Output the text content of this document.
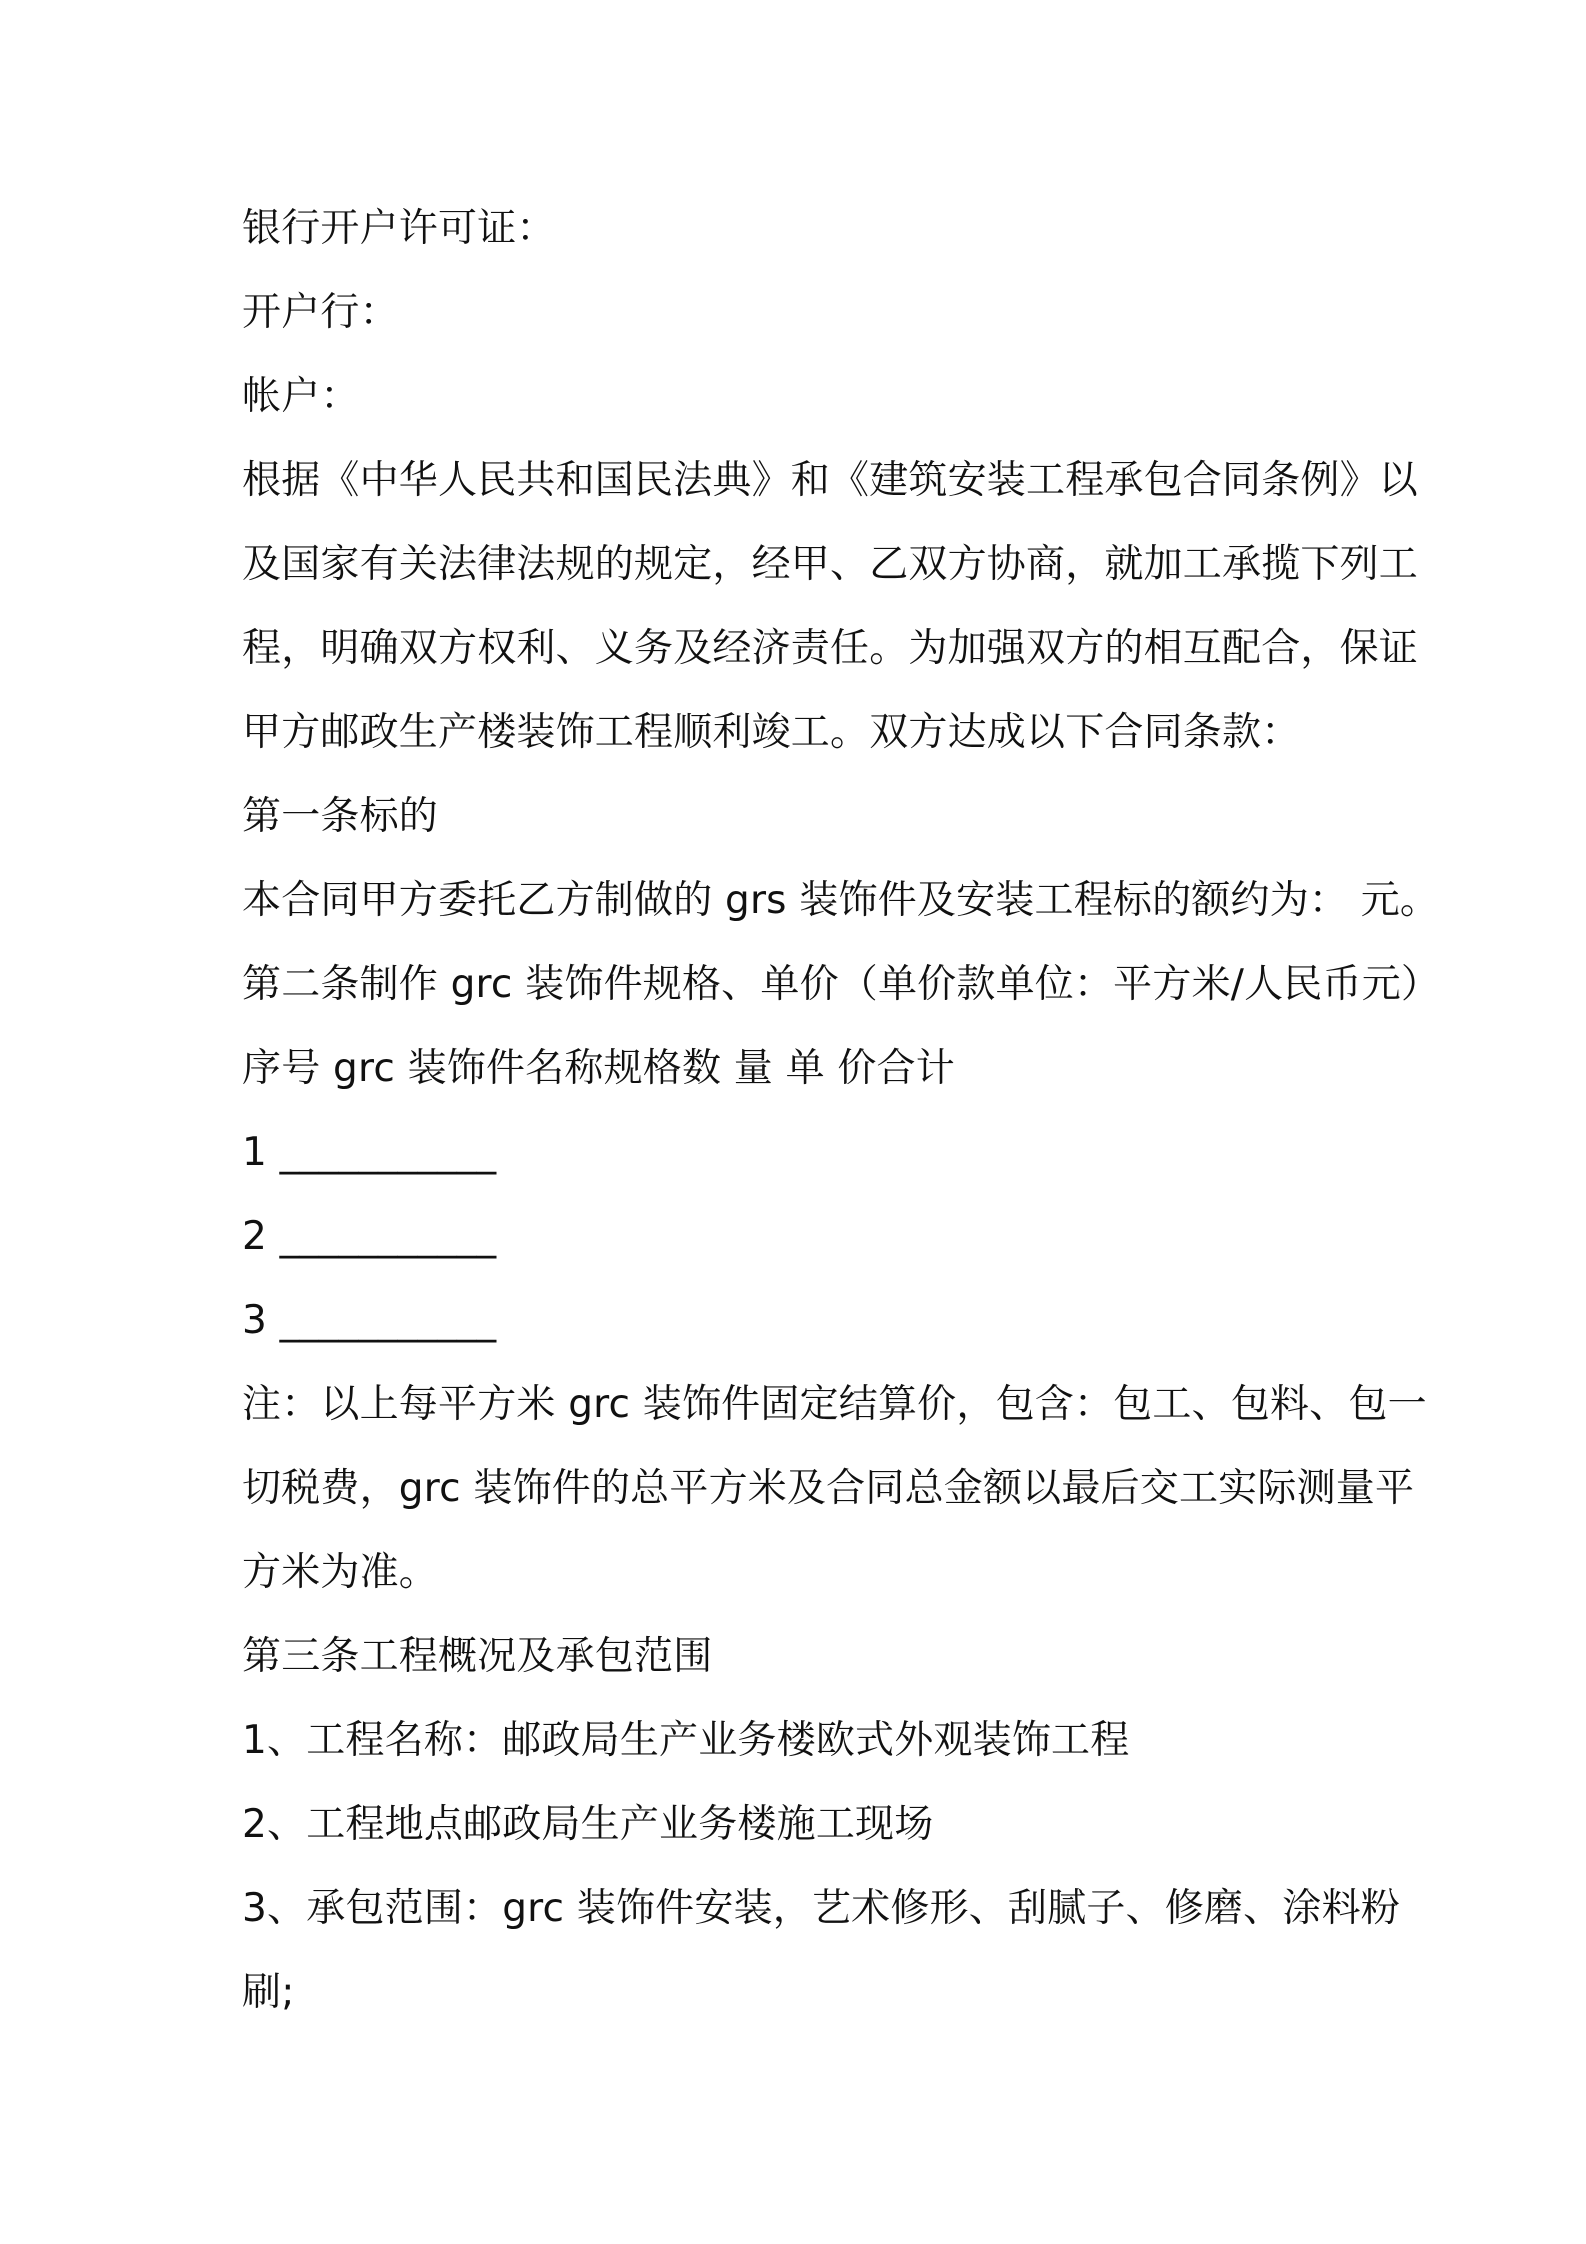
银行开户许可证：
开户行：
帐户：
根据《中华人民共和国民法典》和《建筑安装工程承包合同条例》以
及国家有关法律法规的规定，经甲、乙双方协商，就加工承揽下列工
程，明确双方权利、义务及经济责任。为加强双方的相互配合，保证
甲方邮政生产楼装饰工程顺利竣工。双方达成以下合同条款：
第一条标的
本合同甲方委托乙方制做的 grs 装饰件及安装工程标的额约为： 元。
第二条制作 grc 装饰件规格、单价（单价款单位：平方米/人民币元）
序号 grc 装饰件名称规格数 量 单 价合计
1 ___________
2 ___________
3 ___________
注：以上每平方米 grc 装饰件固定结算价，包含：包工、包料、包一
切税费，grc 装饰件的总平方米及合同总金额以最后交工实际测量平
方米为准。
第三条工程概况及承包范围
1、工程名称：邮政局生产业务楼欧式外观装饰工程
2、工程地点邮政局生产业务楼施工现场
3、承包范围：grc 装饰件安装，艺术修形、刮腻子、修磨、涂料粉
刷;
